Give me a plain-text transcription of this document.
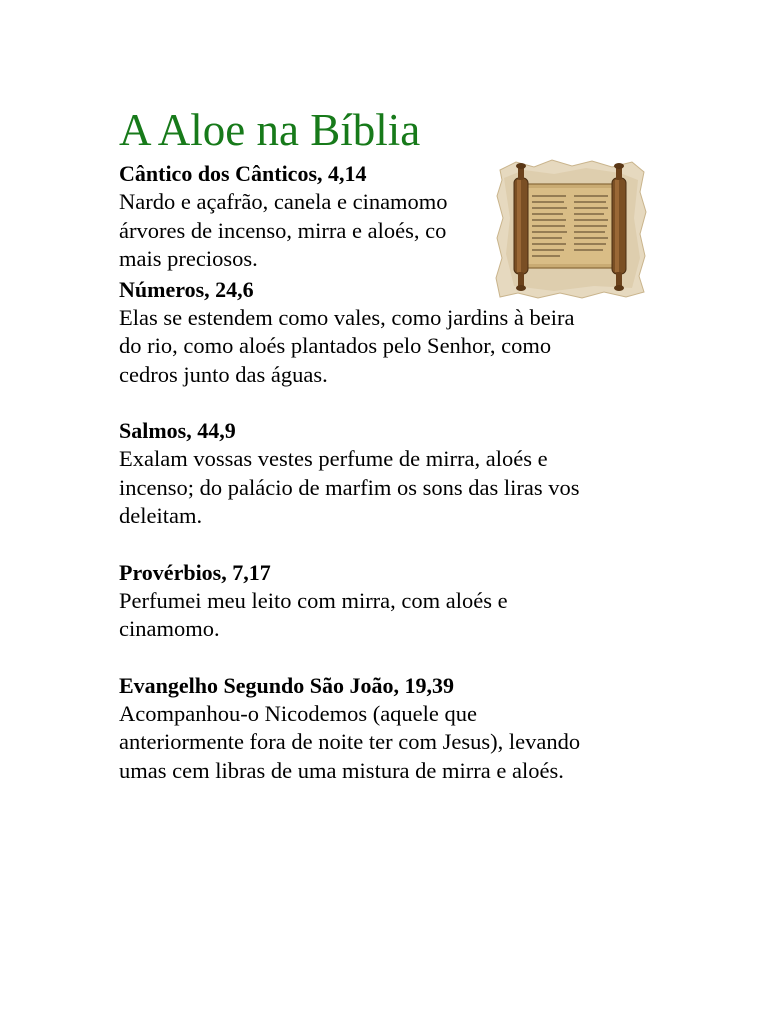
A Aloe na Bíblia

Cântico dos Cânticos, 4,14

Nardo e açafrão, canela e cinamomo

árvores de incenso, mirra e aloés, co

mais preciosos.

Números, 24,6

Elas se estendem como vales, como jardins à beira

do rio, como aloés plantados pelo Senhor, como

cedros junto das águas.

Salmos, 44,9

Exalam vossas vestes perfume de mirra, aloés e

incenso; do palácio de marfim os sons das liras vos

deleitam.

Provérbios, 7,17

Perfumei meu leito com mirra, com aloés e

cinamomo.

Evangelho Segundo São João, 19,39

Acompanhou-o Nicodemos (aquele que

anteriormente fora de noite ter com Jesus), levando

umas cem libras de uma mistura de mirra e aloés.
